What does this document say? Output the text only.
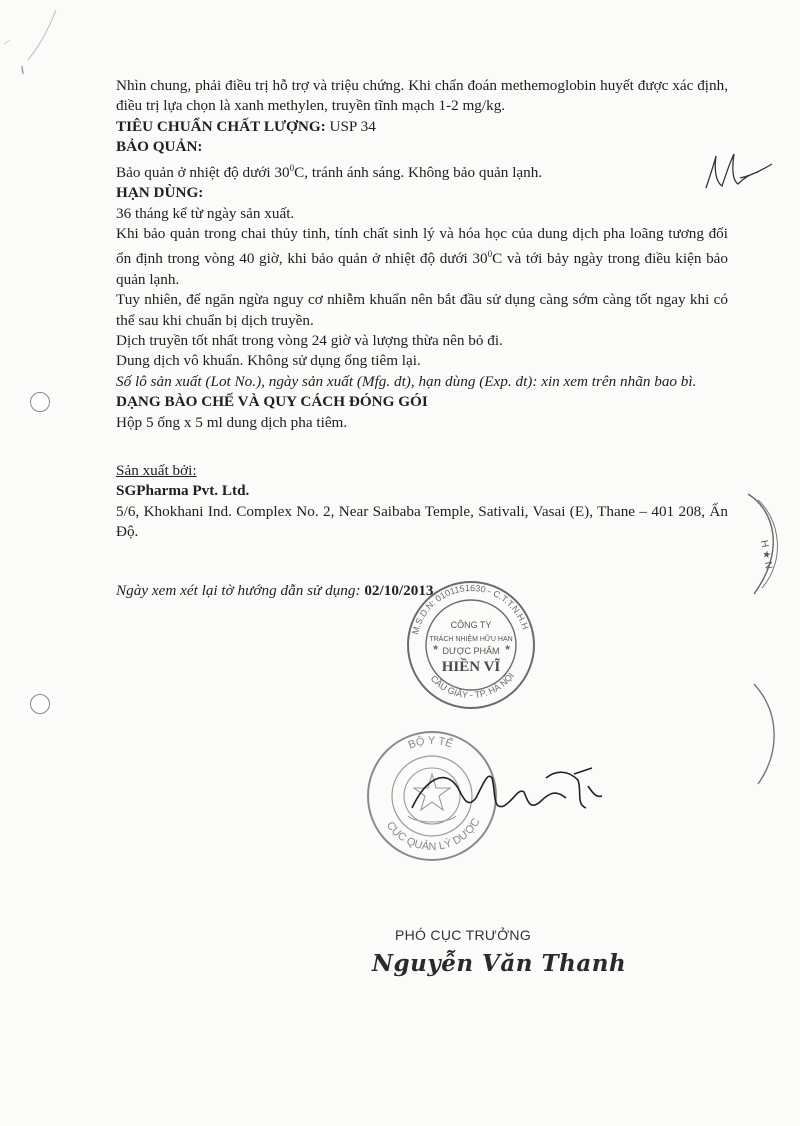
Nhìn chung, phải điều trị hỗ trợ và triệu chứng. Khi chẩn đoán methemoglobin huyết được xác định, điều trị lựa chọn là xanh methylen, truyền tĩnh mạch 1-2 mg/kg.

TIÊU CHUẨN CHẤT LƯỢNG: USP 34

BẢO QUẢN:

Bảo quản ở nhiệt độ dưới $30^0C$, tránh ánh sáng. Không bảo quản lạnh.

HẠN DÙNG:

36 tháng kể từ ngày sản xuất.

Khi bảo quản trong chai thủy tinh, tính chất sinh lý và hóa học của dung dịch pha loãng tương đối ổn định trong vòng 40 giờ, khi bảo quản ở nhiệt độ dưới $30^0C$ và tới bảy ngày trong điều kiện bảo quản lạnh.

Tuy nhiên, để ngăn ngừa nguy cơ nhiễm khuẩn nên bắt đầu sử dụng càng sớm càng tốt ngay khi có thể sau khi chuẩn bị dịch truyền.

Dịch truyền tốt nhất trong vòng 24 giờ và lượng thừa nên bỏ đi.

Dung dịch vô khuẩn. Không sử dụng ống tiêm lại.

Số lô sản xuất (Lot No.), ngày sản xuất (Mfg. dt), hạn dùng (Exp. dt): xin xem trên nhãn bao bì.

DẠNG BÀO CHẾ VÀ QUY CÁCH ĐÓNG GÓI

Hộp 5 ống x 5 ml dung dịch pha tiêm.

Sản xuất bởi:

SGPharma Pvt. Ltd.

5/6, Khokhani Ind. Complex No. 2, Near Saibaba Temple, Sativali, Vasai (E), Thane – 401 208, Ấn Độ.

Ngày xem xét lại tờ hướng dẫn sử dụng: 02/10/2013
M.S.D.N: 0101151630 - C.T.T.N.H.H
CẦU GIẤY - TP. HÀ NỘI
CÔNG TY
TRÁCH NHIỆM HỮU HẠN
DƯỢC PHẨM
HIỀN VĨ
★	★
BỘ Y TẾ
CỤC QUẢN LÝ DƯỢC
PHÓ CỤC TRƯỞNG
Nguyễn Văn Thanh
H ★ N
